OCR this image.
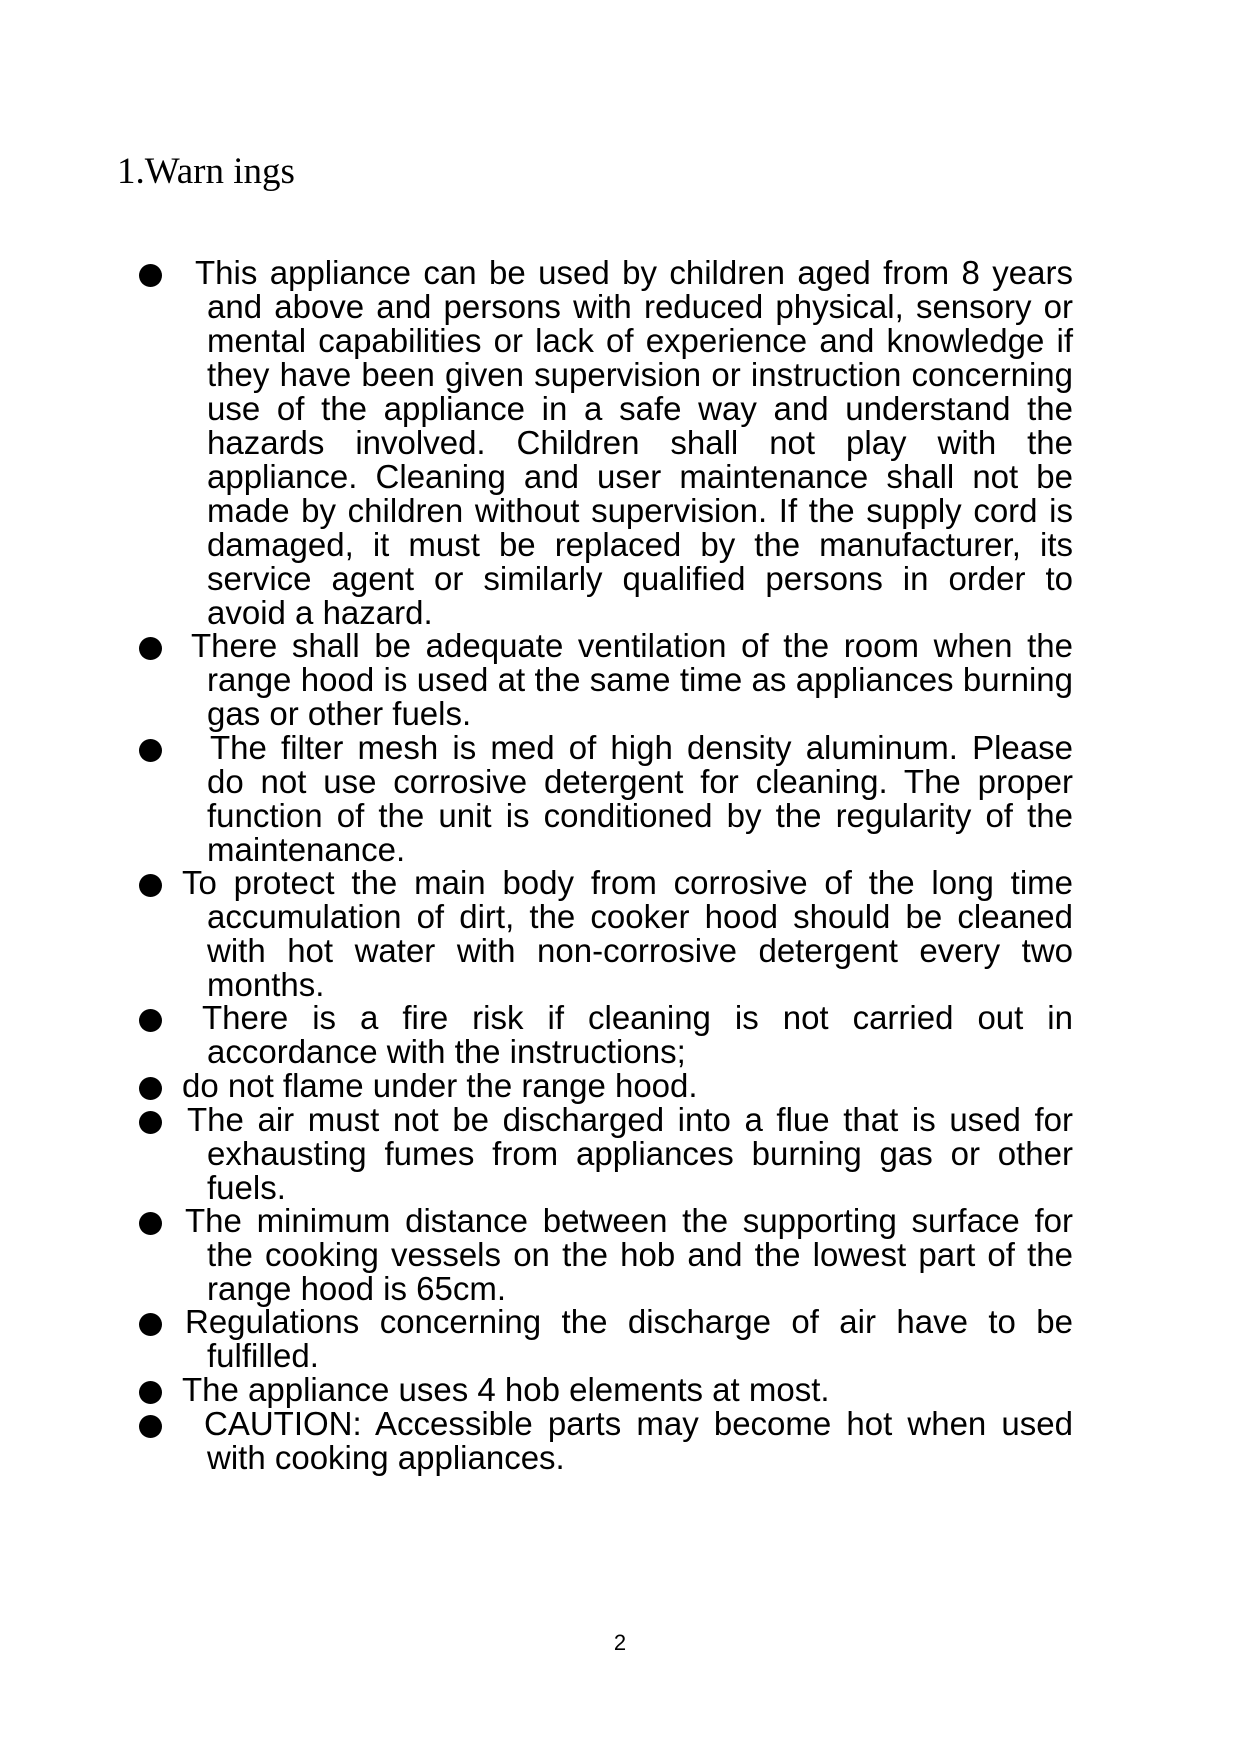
1.Warn ings

This appliance can be used by children aged from 8 years and above and persons with reduced physical, sensory or mental capabilities or lack of experience and knowledge if they have been given supervision or instruction concerning use of the appliance in a safe way and understand the hazards involved. Children shall not play with the appliance. Cleaning and user maintenance shall not be made by children without supervision. If the supply cord is damaged, it must be replaced by the manufacturer, its service agent or similarly qualified persons in order to avoid a hazard.

There shall be adequate ventilation of the room when the range hood is used at the same time as appliances burning gas or other fuels.

The filter mesh is med of high density aluminum. Please do not use corrosive detergent for cleaning. The proper function of the unit is conditioned by the regularity of the maintenance.

To protect the main body from corrosive of the long time accumulation of dirt, the cooker hood should be cleaned with hot water with non-corrosive detergent every two months.

There is a fire risk if cleaning is not carried out in accordance with the instructions;

do not flame under the range hood.

The air must not be discharged into a flue that is used for exhausting fumes from appliances burning gas or other fuels.

The minimum distance between the supporting surface for the cooking vessels on the hob and the lowest part of the range hood is 65cm.

Regulations concerning the discharge of air have to be fulfilled.

The appliance uses 4 hob elements at most.

CAUTION: Accessible parts may become hot when used with cooking appliances.

2
